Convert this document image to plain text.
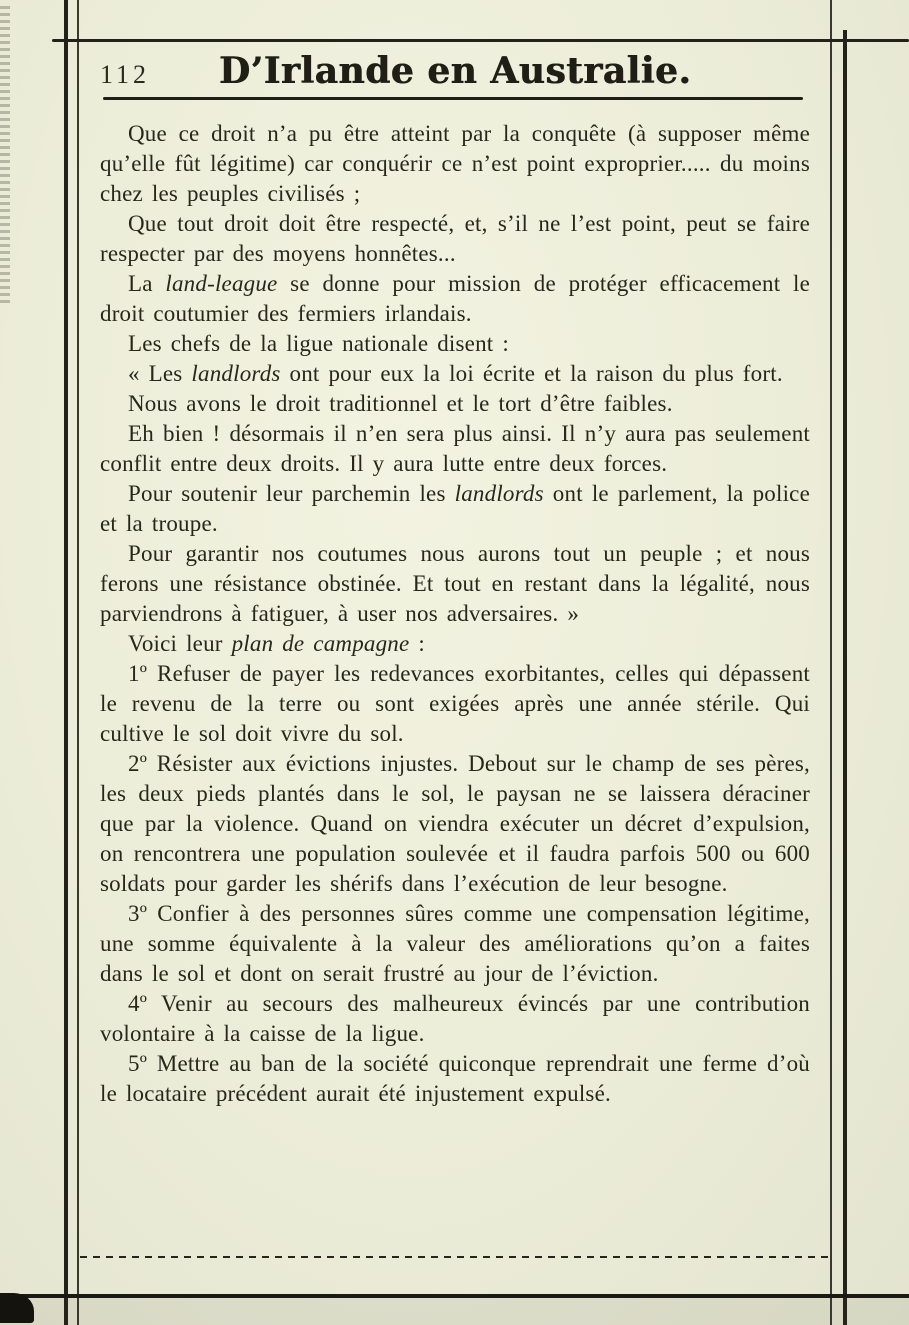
112	D’Irlande en Australie.

Que ce droit n’a pu être atteint par la conquête (à supposer même qu’elle fût légitime) car conquérir ce n’est point exproprier..... du moins chez les peuples civilisés ;

Que tout droit doit être respecté, et, s’il ne l’est point, peut se faire respecter par des moyens honnêtes...

La land-league se donne pour mission de protéger efficacement le droit coutumier des fermiers irlandais.

Les chefs de la ligue nationale disent :

« Les landlords ont pour eux la loi écrite et la raison du plus fort.

Nous avons le droit traditionnel et le tort d’être faibles.

Eh bien ! désormais il n’en sera plus ainsi. Il n’y aura pas seulement conflit entre deux droits. Il y aura lutte entre deux forces.

Pour soutenir leur parchemin les landlords ont le parlement, la police et la troupe.

Pour garantir nos coutumes nous aurons tout un peuple ; et nous ferons une résistance obstinée. Et tout en restant dans la légalité, nous parviendrons à fatiguer, à user nos adversaires. »

Voici leur plan de campagne :

1º Refuser de payer les redevances exorbitantes, celles qui dépassent le revenu de la terre ou sont exigées après une année stérile. Qui cultive le sol doit vivre du sol.

2º Résister aux évictions injustes. Debout sur le champ de ses pères, les deux pieds plantés dans le sol, le paysan ne se laissera déraciner que par la violence. Quand on viendra exécuter un décret d’expulsion, on rencontrera une population soulevée et il faudra parfois 500 ou 600 soldats pour garder les shérifs dans l’exécution de leur besogne.

3º Confier à des personnes sûres comme une compensation légitime, une somme équivalente à la valeur des améliorations qu’on a faites dans le sol et dont on serait frustré au jour de l’éviction.

4º Venir au secours des malheureux évincés par une contribution volontaire à la caisse de la ligue.

5º Mettre au ban de la société quiconque reprendrait une ferme d’où le locataire précédent aurait été injustement expulsé.
